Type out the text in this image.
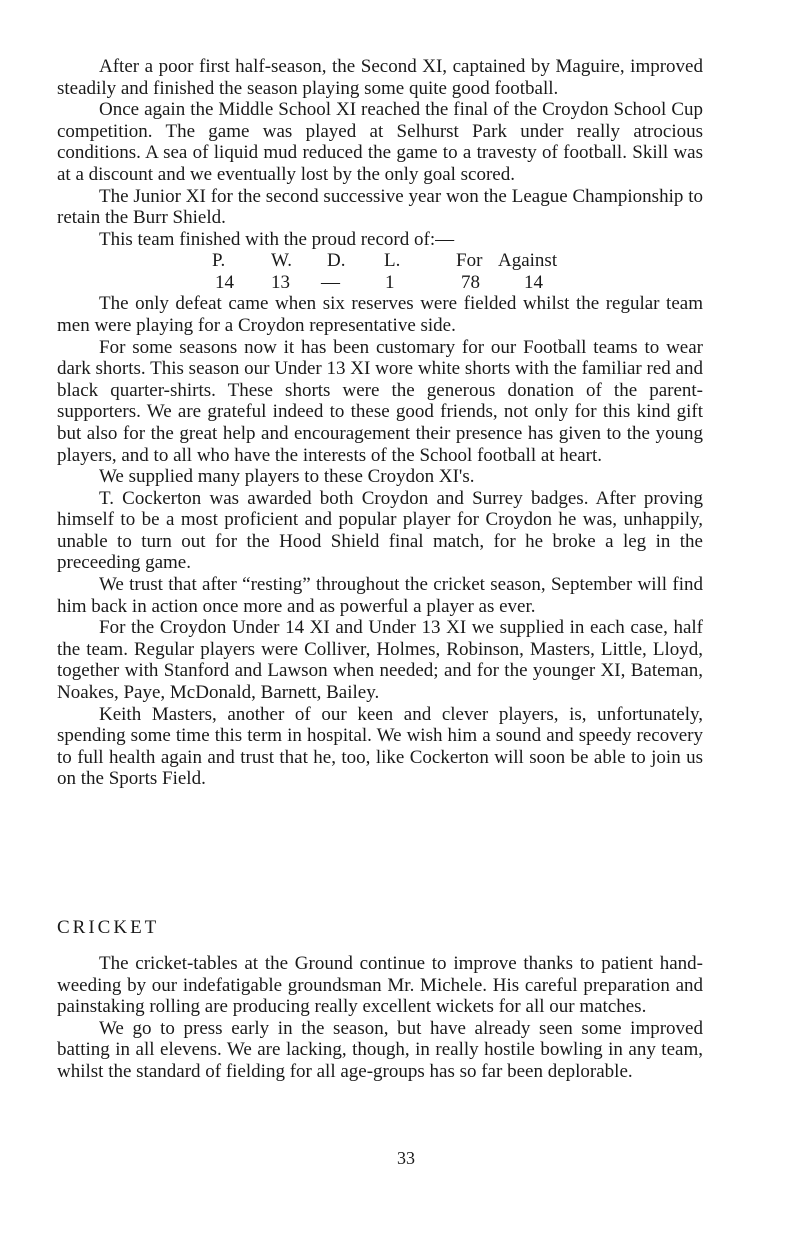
After a poor first half-season, the Second XI, captained by Maguire, improved steadily and finished the season playing some quite good football.

Once again the Middle School XI reached the final of the Croydon School Cup competition. The game was played at Selhurst Park under really atrocious conditions. A sea of liquid mud reduced the game to a travesty of football. Skill was at a discount and we eventually lost by the only goal scored.

The Junior XI for the second successive year won the League Championship to retain the Burr Shield.

This team finished with the proud record of:—

P. W. D. L.	For Against
14 13 — 1	78 14

The only defeat came when six reserves were fielded whilst the regular team men were playing for a Croydon representative side.

For some seasons now it has been customary for our Football teams to wear dark shorts. This season our Under 13 XI wore white shorts with the familiar red and black quarter-shirts. These shorts were the generous donation of the parent-supporters. We are grateful indeed to these good friends, not only for this kind gift but also for the great help and encouragement their presence has given to the young players, and to all who have the interests of the School football at heart.

We supplied many players to these Croydon XI's.

T. Cockerton was awarded both Croydon and Surrey badges. After proving himself to be a most proficient and popular player for Croydon he was, unhappily, unable to turn out for the Hood Shield final match, for he broke a leg in the preceeding game.

We trust that after “resting” throughout the cricket season, September will find him back in action once more and as powerful a player as ever.

For the Croydon Under 14 XI and Under 13 XI we supplied in each case, half the team. Regular players were Colliver, Holmes, Robinson, Masters, Little, Lloyd, together with Stanford and Lawson when needed; and for the younger XI, Bateman, Noakes, Paye, McDonald, Barnett, Bailey.

Keith Masters, another of our keen and clever players, is, unfortunately, spending some time this term in hospital. We wish him a sound and speedy recovery to full health again and trust that he, too, like Cockerton will soon be able to join us on the Sports Field.

CRICKET

The cricket-tables at the Ground continue to improve thanks to patient hand-weeding by our indefatigable groundsman Mr. Michele. His careful preparation and painstaking rolling are producing really excellent wickets for all our matches.

We go to press early in the season, but have already seen some improved batting in all elevens. We are lacking, though, in really hostile bowling in any team, whilst the standard of fielding for all age-groups has so far been deplorable.

33
